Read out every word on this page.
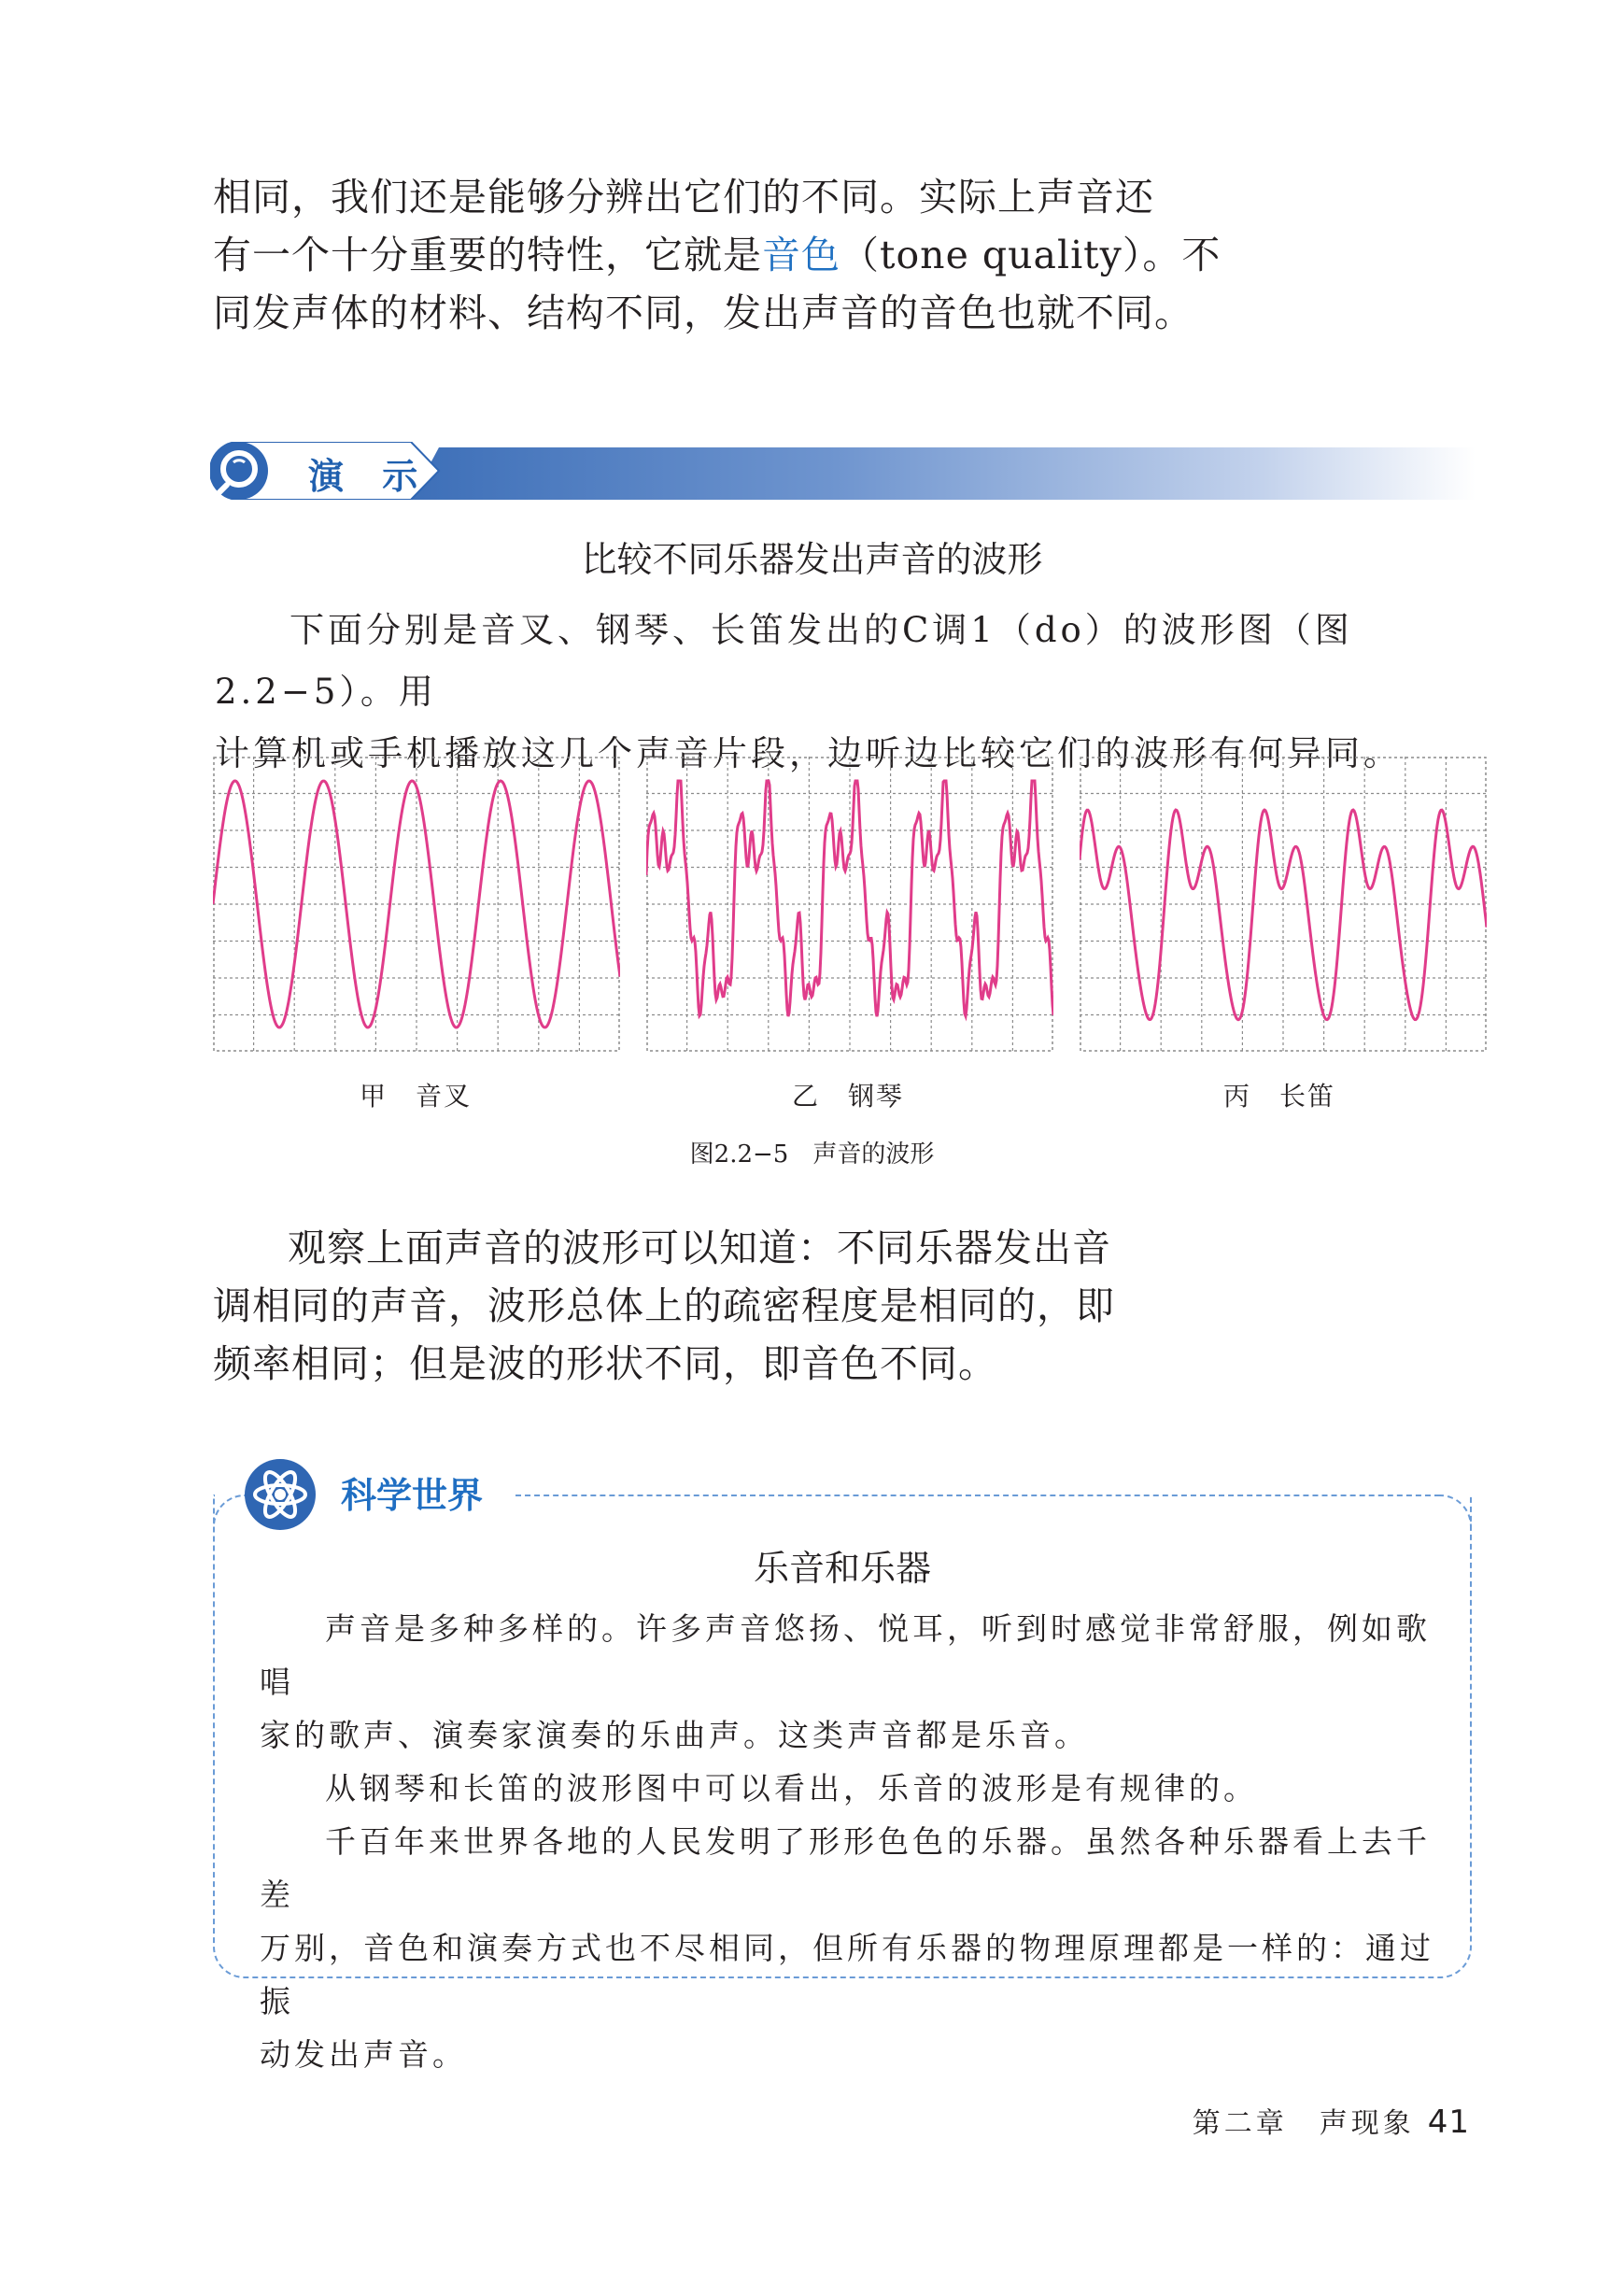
相同，我们还是能够分辨出它们的不同。实际上声音还

有一个十分重要的特性，它就是音色（tone quality）。不

同发声体的材料、结构不同，发出声音的音色也就不同。

演 示
比较不同乐器发出声音的波形

下面分别是音叉、钢琴、长笛发出的C调1（do）的波形图（图2.2−5）。用

计算机或手机播放这几个声音片段，边听边比较它们的波形有何异同。

甲　音叉	乙　钢琴	丙　长笛
图2.2−5　声音的波形

观察上面声音的波形可以知道：不同乐器发出音

调相同的声音，波形总体上的疏密程度是相同的，即

频率相同；但是波的形状不同，即音色不同。

科学世界
乐音和乐器

声音是多种多样的。许多声音悠扬、悦耳，听到时感觉非常舒服，例如歌唱

家的歌声、演奏家演奏的乐曲声。这类声音都是乐音。

从钢琴和长笛的波形图中可以看出，乐音的波形是有规律的。

千百年来世界各地的人民发明了形形色色的乐器。虽然各种乐器看上去千差

万别，音色和演奏方式也不尽相同，但所有乐器的物理原理都是一样的：通过振

动发出声音。

第二章　声现象 41
